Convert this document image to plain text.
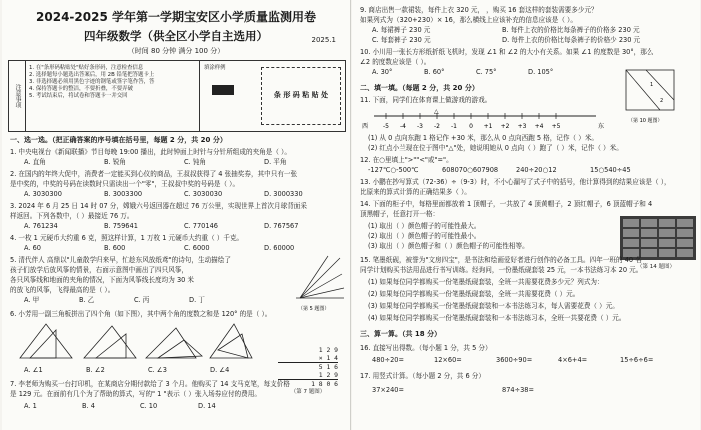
2024-2025 学年第一学期宝安区小学质量监测用卷
四年级数学（供全区小学自主选用）	2025.1
（时间 80 分钟 满分 100 分）
注意事项
1. 在"条形码粘贴处"贴好条形码，注意检查信息
2. 选择题每小题选出答案后，用 2B 铅笔把答题卡上
3. 非选择题必须用黑色字迹的钢笔或签字笔作答，答
4. 保持答题卡的整洁，不要折叠，不要弄破
5. 考试结束后，将试卷和答题卡一并交回
填涂样例
条 形 码 粘 贴 处
一、选一选。（把正确答案的序号填在括号里，每题 2 分，共 20 分）
1. 中央电视台《新闻联播》节目每晚 19:00 播出，此时钟面上时针与分针所组成的夹角是（ ）。
A. 直角	B. 锐角	C. 钝角	D. 平角
2. 在国内的年终大促中，消费者一定能买到心仪的商品，王叔叔获得了 4 张抽奖券，其中只有一张
是中奖的，中奖的号码在读数时只需读出一个"零"，王叔叔中奖的号码是（ ）。
A. 3030300	B. 3003300	C. 3030030	D. 3000330
3. 2024 年 6 月 25 日 14 时 07 分，嫦娥六号返回器在超过 76 万公里，实现世界上首次月球背面采
样返回。下列各数中，（ ）最接近 76 万。
A. 761234	B. 759641	C. 770146	D. 767567
4. 一枚 1 元硬币大约重 6 克，照这样计算，1 万枚 1 元硬币大约重（ ）千克。
A. 60	B. 600	C. 6000	D. 60000
5. 清代伴人 高鼎以"儿童散学归来早，忙趁东风放纸鸢"的诗句，生动描绘了
孩子们放学后放风筝的情景，右面示意图中画出了四只风筝，
各只风筝线和地面的夹角的情况，下面为风筝线长度均为 30 米
的放飞的风筝，飞得最高的是（ ）。
A. 甲	B. 乙	C. 丙	D. 丁
（第 5 题图）
6. 小芳用一副三角板拼出了四个角（如下图），其中两个角的度数之和是 120° 的是（ ）。
A. ∠1	B. ∠2	C. ∠3	D. ∠4
1 2 9
× 1 4
5 1 6
1 2 9
1 8 0 6
（第 7 题图）
7. 李老师为购买一台打印机，在某商店分期付款给了 3 个月。他购买了 14 支马克笔，每支价格
是 129 元。在面前有几个为了帮助的算式，写的" 1 "表示（ ）张入场券应付的费用。
A. 1	B. 4	C. 10	D. 14
9. 商店出售一款裙装，每件上衣 320 元， ，购买 16 套这样的套装需要多少元？
如果列式为（320+230）× 16，那么横线上应该补充的信息应该是（ ）。
A. 每裙裤子 230 元	B. 每件上衣的价格比每条裤子的价格多 230 元
C. 每套裤子 230 元	D. 每件上衣的价格比每条裤子的价格少 230 元
10. 小川用一张长方形纸折纸飞机时，发现 ∠1 和 ∠2 的大小有关系。如果 ∠1 的度数是 30°，那么
∠2 的度数应该是（ ）。
A. 30°	B. 60°	C. 75°	D. 105°
1
2
（第 10 题图）
二、填一填。（每题 2 分，共 20 分）
11. 下面，同学们在体育课上做游戏的游戏。
△
西 -5 -4 -3 -2 -1 0 +1 +2 +3 +4 +5	东
(1) 从 0 点向东跑 1 格记作 +30 米，那么从 0 点向西跑 5 格，记作（ ）米。
(2) 红点小兰现在位于图中"△"处，她说明她从 0 点向（ ）跑了（ ）米，记作（ ）米。
12. 在○里填上">""<"或"="。
-127℃○-500℃	608070○607908	240÷20○12	15○540÷45
13. 小鹏在抄写算式（72-36）÷（9-3）时，不小心漏写了式子中的括号，他计算得到的结果应该是（ ），
比原来的算式计算的正确结果多（ ）。
14. 下面的柜子中，每格里面都放着 1 顶帽子，一共放了 4 顶黄帽子，2 顶红帽子，6 顶蓝帽子和 4
顶黑帽子，任意打开一格：
(1) 取出（ ）颜色帽子的可能性最大。
(2) 取出（ ）颜色帽子的可能性最小。
(3) 取出（ ）颜色帽子和（ ）颜色帽子的可能性相等。
（第 14 题图）
15. 笔墨纸砚，被誉为"文房四宝"，是书法和绘画爱好者进行创作的必备工具。四年一班的 40 名
同学计划购买书法用品进行书写训练。经询问，一份墨纸砚套装 25 元，一本书法练习本 20 元。
(1) 如果每位同学都购买一份笔墨纸砚套装，全班一共需要花费多少元？列式为：
(2) 如果每位同学都购买一份笔墨纸砚套装，全班一共需要花费（ ）元。
(3) 如果每位同学都购买一份笔墨纸砚套装和一本书法练习本，每人需要花费（ ）元。
(4) 如果每位同学都购买一份笔墨纸砚套装和一本书法练习本，全班一共要花费（ ）元。
三、算一算。（共 18 分）
16. 直接写出得数。（每小题 1 分，共 5 分）
480÷20=	12×60=	3600÷90=	4×6+4=	15÷6÷6=
17. 用竖式计算。（每小题 2 分，共 6 分）
37×240=	874÷38=
